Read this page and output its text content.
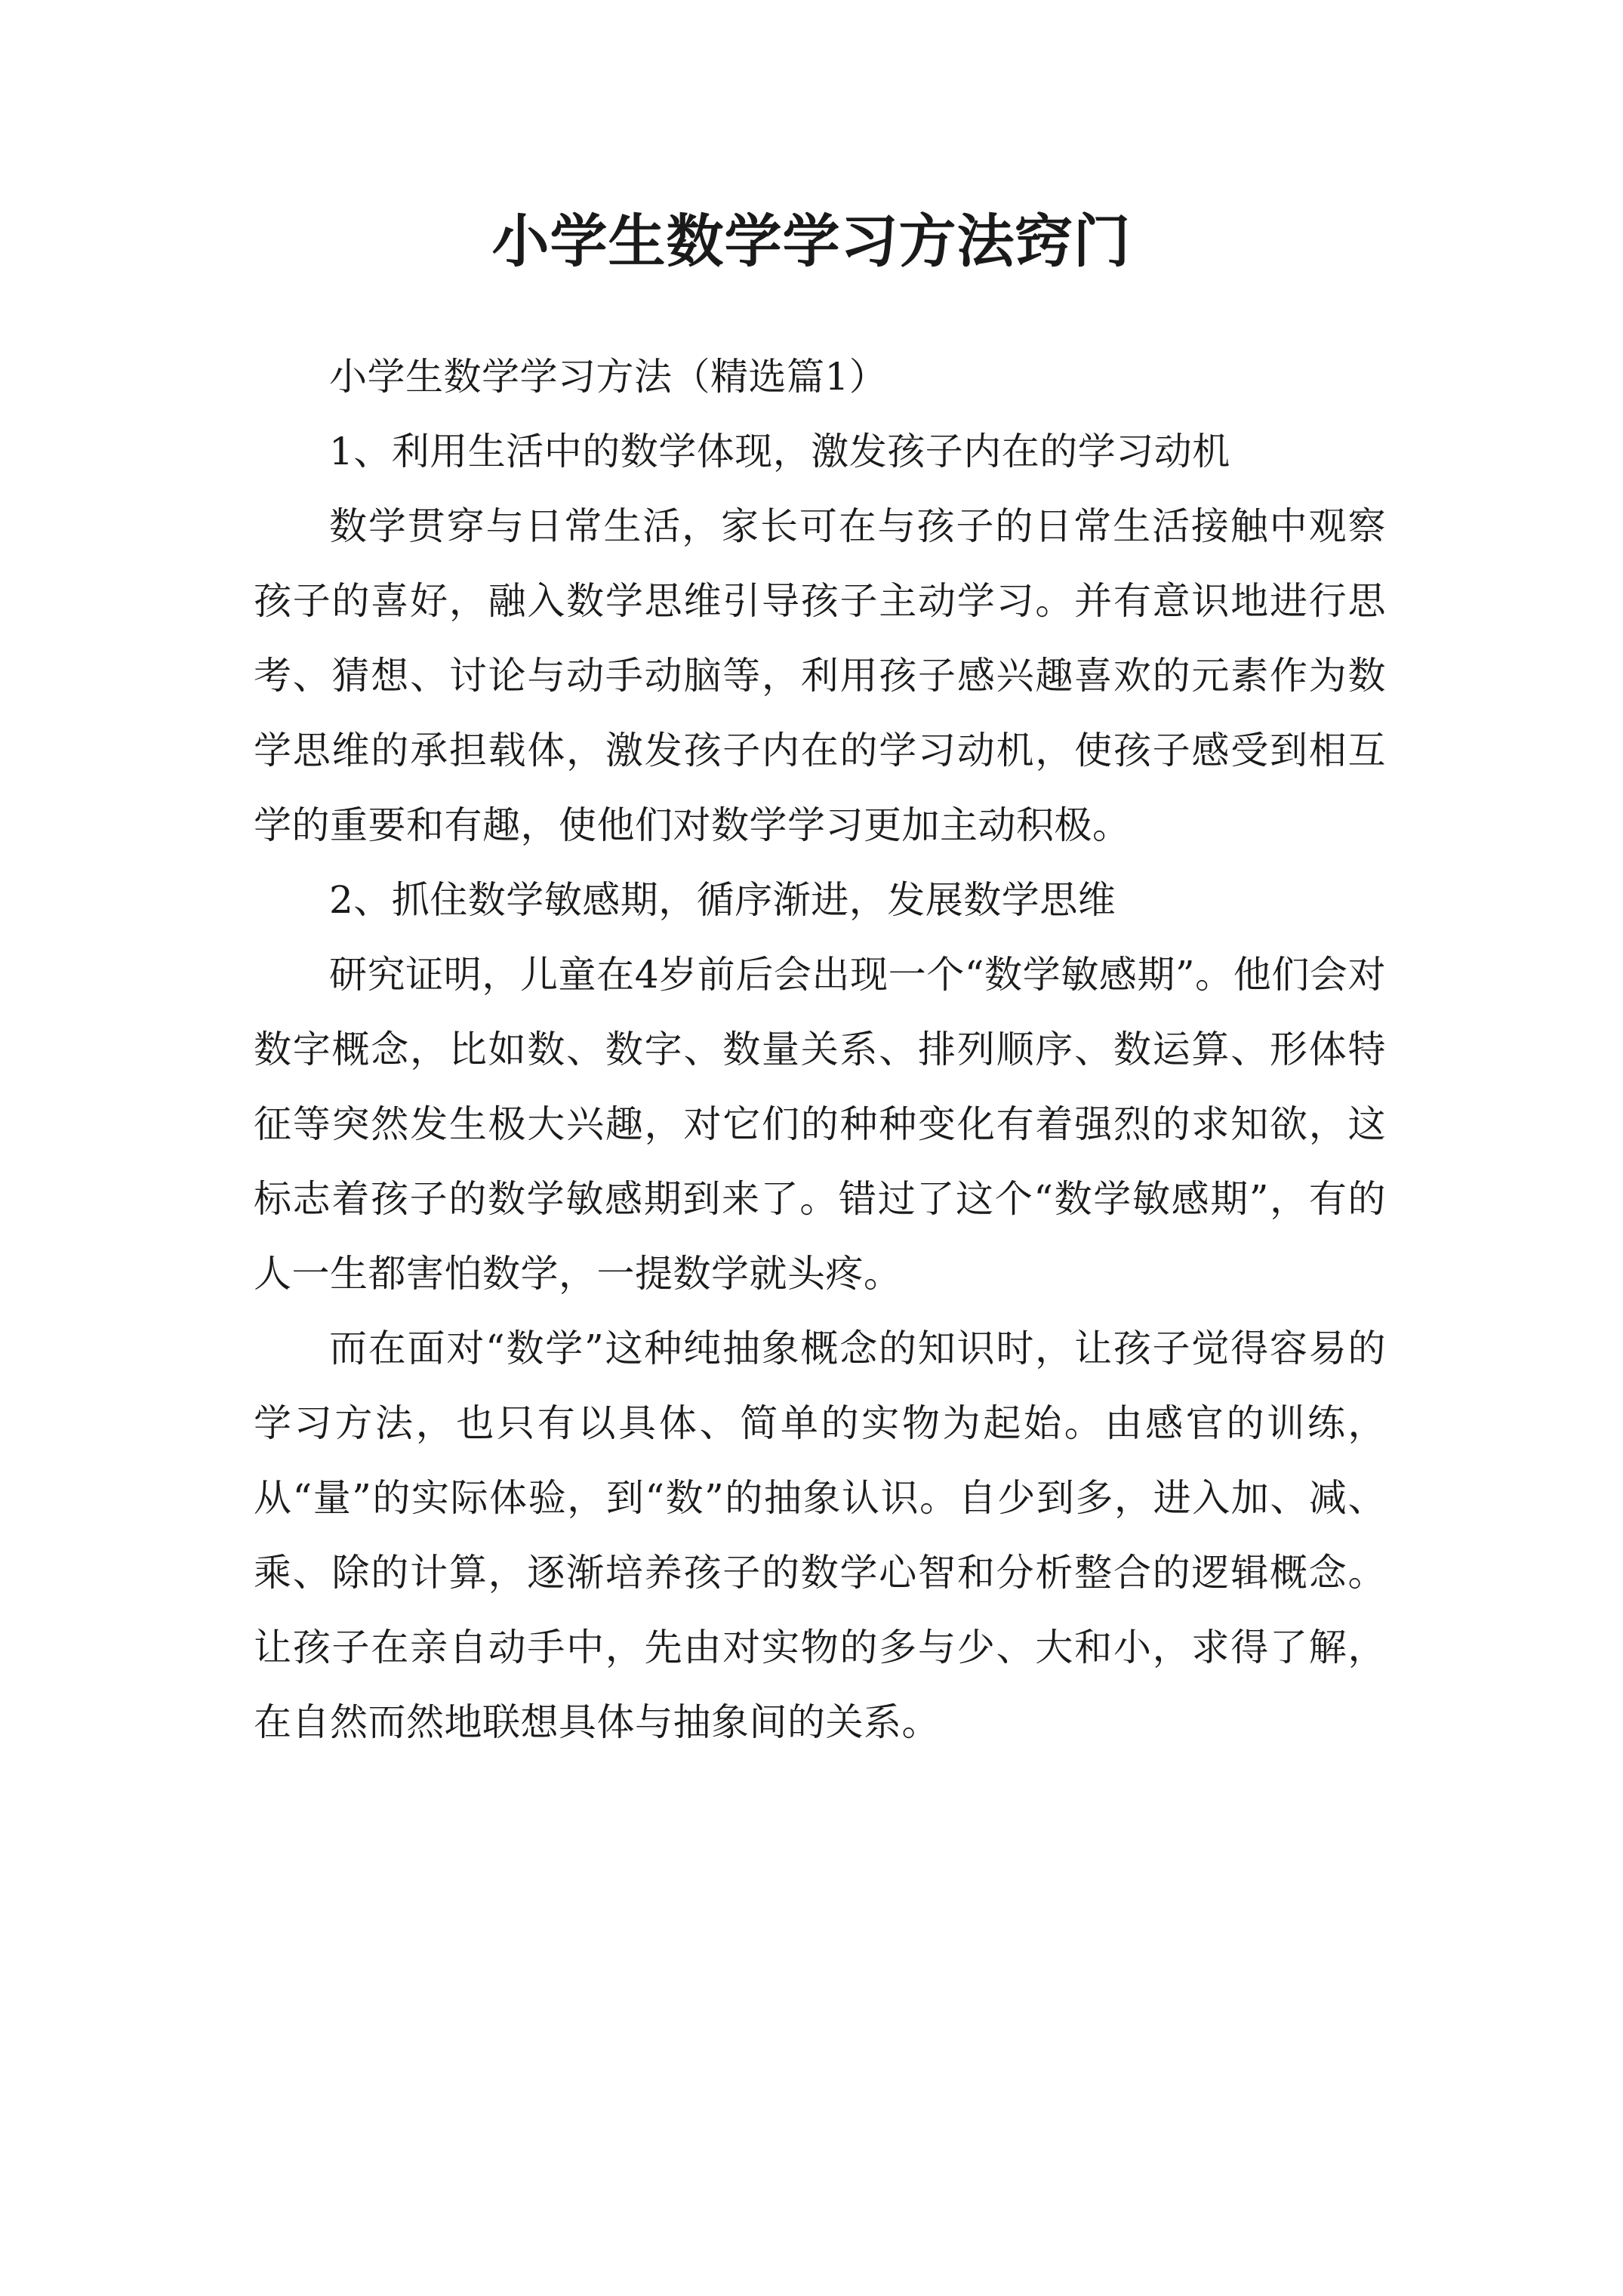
小学生数学学习方法窍门

小学生数学学习方法（精选篇1）

1、利用生活中的数学体现，激发孩子内在的学习动机

数学贯穿与日常生活，家长可在与孩子的日常生活接触中观察孩子的喜好，融入数学思维引导孩子主动学习。并有意识地进行思考、猜想、讨论与动手动脑等，利用孩子感兴趣喜欢的元素作为数学思维的承担载体，激发孩子内在的学习动机，使孩子感受到相互学的重要和有趣，使他们对数学学习更加主动积极。

2、抓住数学敏感期，循序渐进，发展数学思维

研究证明，儿童在4岁前后会出现一个“数学敏感期”。他们会对数字概念，比如数、数字、数量关系、排列顺序、数运算、形体特征等突然发生极大兴趣，对它们的种种变化有着强烈的求知欲，这标志着孩子的数学敏感期到来了。错过了这个“数学敏感期”，有的人一生都害怕数学，一提数学就头疼。

而在面对“数学”这种纯抽象概念的知识时，让孩子觉得容易的学习方法，也只有以具体、简单的实物为起始。由感官的训练，从“量”的实际体验，到“数”的抽象认识。自少到多，进入加、减、乘、除的计算，逐渐培养孩子的数学心智和分析整合的逻辑概念。让孩子在亲自动手中，先由对实物的多与少、大和小，求得了解，在自然而然地联想具体与抽象间的关系。
